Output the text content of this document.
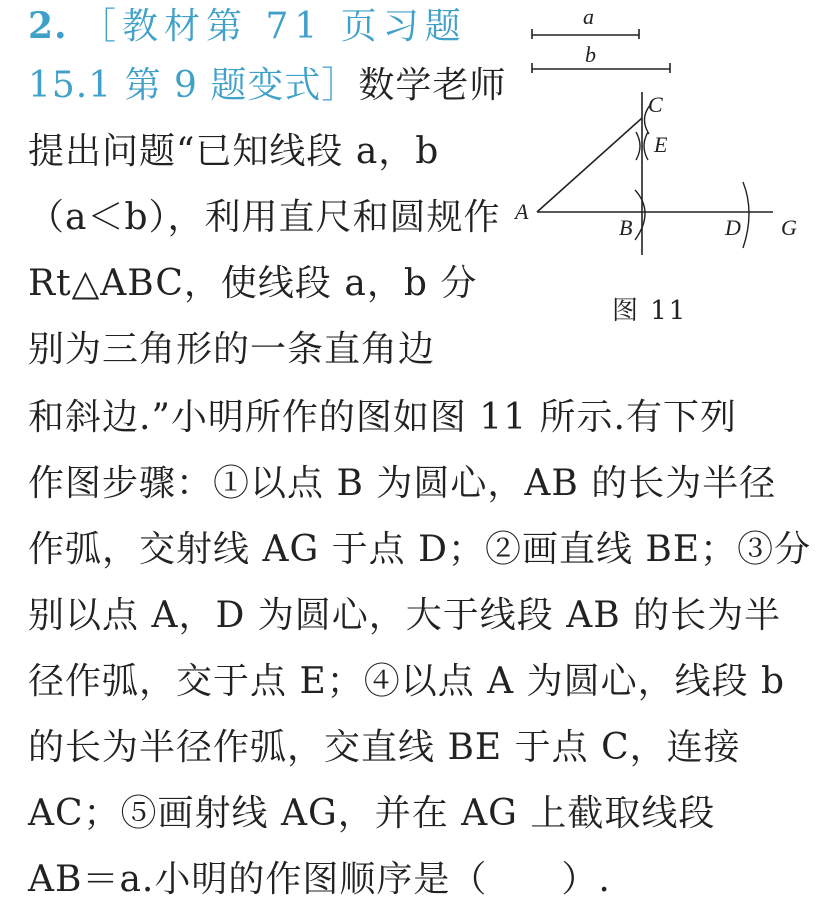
2. ［教材第 71 页习题
15.1 第 9 题变式］数学老师
提出问题“已知线段 a，b
（a＜b），利用直尺和圆规作
Rt△ABC，使线段 a，b 分
别为三角形的一条直角边
和斜边.”小明所作的图如图 11 所示.有下列
作图步骤：①以点 B 为圆心，AB 的长为半径
作弧，交射线 AG 于点 D；②画直线 BE；③分
别以点 A，D 为圆心，大于线段 AB 的长为半
径作弧，交于点 E；④以点 A 为圆心，线段 b
的长为半径作弧，交直线 BE 于点 C，连接
AC；⑤画射线 AG，并在 AG 上截取线段
AB＝a.小明的作图顺序是（　　）.
a
b
A
B
C
D
E
G
图 11
